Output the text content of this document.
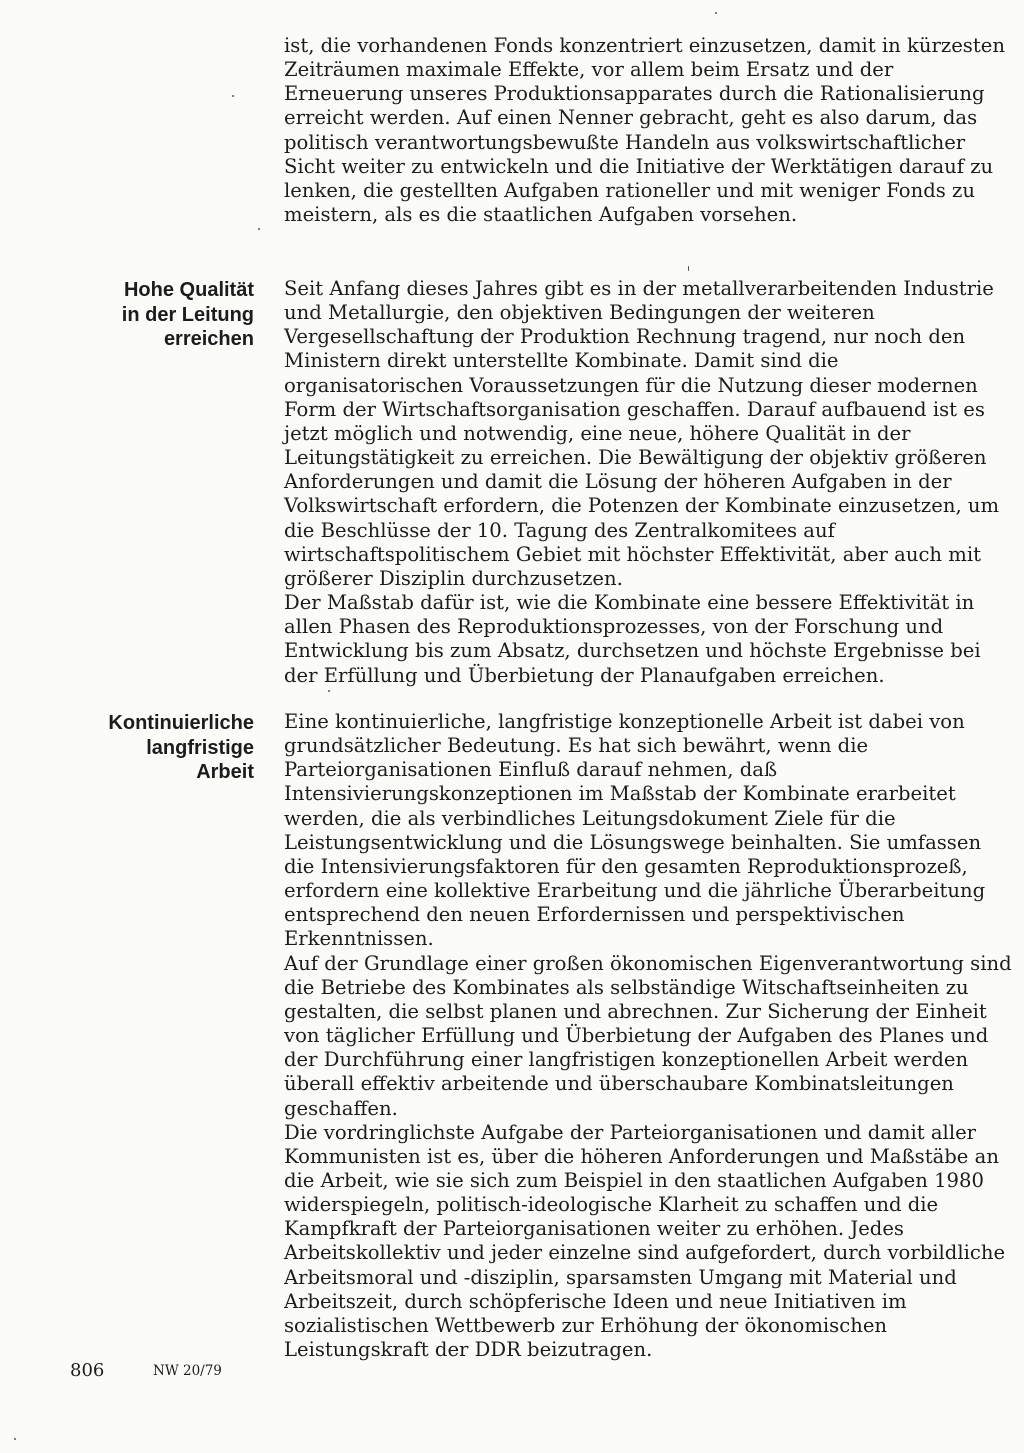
ist, die vorhandenen Fonds konzentriert einzusetzen, damit in kürzesten Zeiträumen maximale Effekte, vor allem beim Ersatz und der Erneuerung unseres Produktionsapparates durch die Rationalisierung erreicht werden. Auf einen Nenner gebracht, geht es also darum, das politisch verantwortungsbewußte Handeln aus volkswirtschaftlicher Sicht weiter zu entwickeln und die Initiative der Werktätigen darauf zu lenken, die gestellten Aufgaben rationeller und mit weniger Fonds zu meistern, als es die staatlichen Aufgaben vorsehen.

Hohe Qualität
in der Leitung
erreichen

Seit Anfang dieses Jahres gibt es in der metallverarbeitenden Industrie und Metallurgie, den objektiven Bedingungen der weiteren Vergesellschaftung der Produktion Rechnung tragend, nur noch den Ministern direkt unterstellte Kombinate. Damit sind die organisatorischen Voraussetzungen für die Nutzung dieser modernen Form der Wirtschaftsorganisation geschaffen. Darauf aufbauend ist es jetzt möglich und notwendig, eine neue, höhere Qualität in der Leitungstätigkeit zu erreichen. Die Bewältigung der objektiv größeren Anforderungen und damit die Lösung der höheren Aufgaben in der Volkswirtschaft erfordern, die Potenzen der Kombinate einzusetzen, um die Beschlüsse der 10. Tagung des Zentralkomitees auf wirtschaftspolitischem Gebiet mit höchster Effektivität, aber auch mit größerer Disziplin durchzusetzen.

Der Maßstab dafür ist, wie die Kombinate eine bessere Effektivität in allen Phasen des Reproduktionsprozesses, von der Forschung und Entwicklung bis zum Absatz, durchsetzen und höchste Ergebnisse bei der Erfüllung und Überbietung der Planaufgaben erreichen.

Kontinuierliche
langfristige
Arbeit

Eine kontinuierliche, langfristige konzeptionelle Arbeit ist dabei von grundsätzlicher Bedeutung. Es hat sich bewährt, wenn die Parteiorganisationen Einfluß darauf nehmen, daß Intensivierungskonzeptionen im Maßstab der Kombinate erarbeitet werden, die als verbindliches Leitungsdokument Ziele für die Leistungsentwicklung und die Lösungswege beinhalten. Sie umfassen die Intensivierungsfaktoren für den gesamten Reproduktionsprozeß, erfordern eine kollektive Erarbeitung und die jährliche Überarbeitung entsprechend den neuen Erfordernissen und perspektivischen Erkenntnissen.

Auf der Grundlage einer großen ökonomischen Eigenverantwortung sind die Betriebe des Kombinates als selbständige Witschaftseinheiten zu gestalten, die selbst planen und abrechnen. Zur Sicherung der Einheit von täglicher Erfüllung und Überbietung der Aufgaben des Planes und der Durchführung einer langfristigen konzeptionellen Arbeit werden überall effektiv arbeitende und überschaubare Kombinatsleitungen geschaffen.

Die vordringlichste Aufgabe der Parteiorganisationen und damit aller Kommunisten ist es, über die höheren Anforderungen und Maßstäbe an die Arbeit, wie sie sich zum Beispiel in den staatlichen Aufgaben 1980 widerspiegeln, politisch-ideologische Klarheit zu schaffen und die Kampfkraft der Parteiorganisationen weiter zu erhöhen. Jedes Arbeitskollektiv und jeder einzelne sind aufgefordert, durch vorbildliche Arbeitsmoral und -disziplin, sparsamsten Umgang mit Material und Arbeitszeit, durch schöpferische Ideen und neue Initiativen im sozialistischen Wettbewerb zur Erhöhung der ökonomischen Leistungskraft der DDR beizutragen.

806	NW 20/79
